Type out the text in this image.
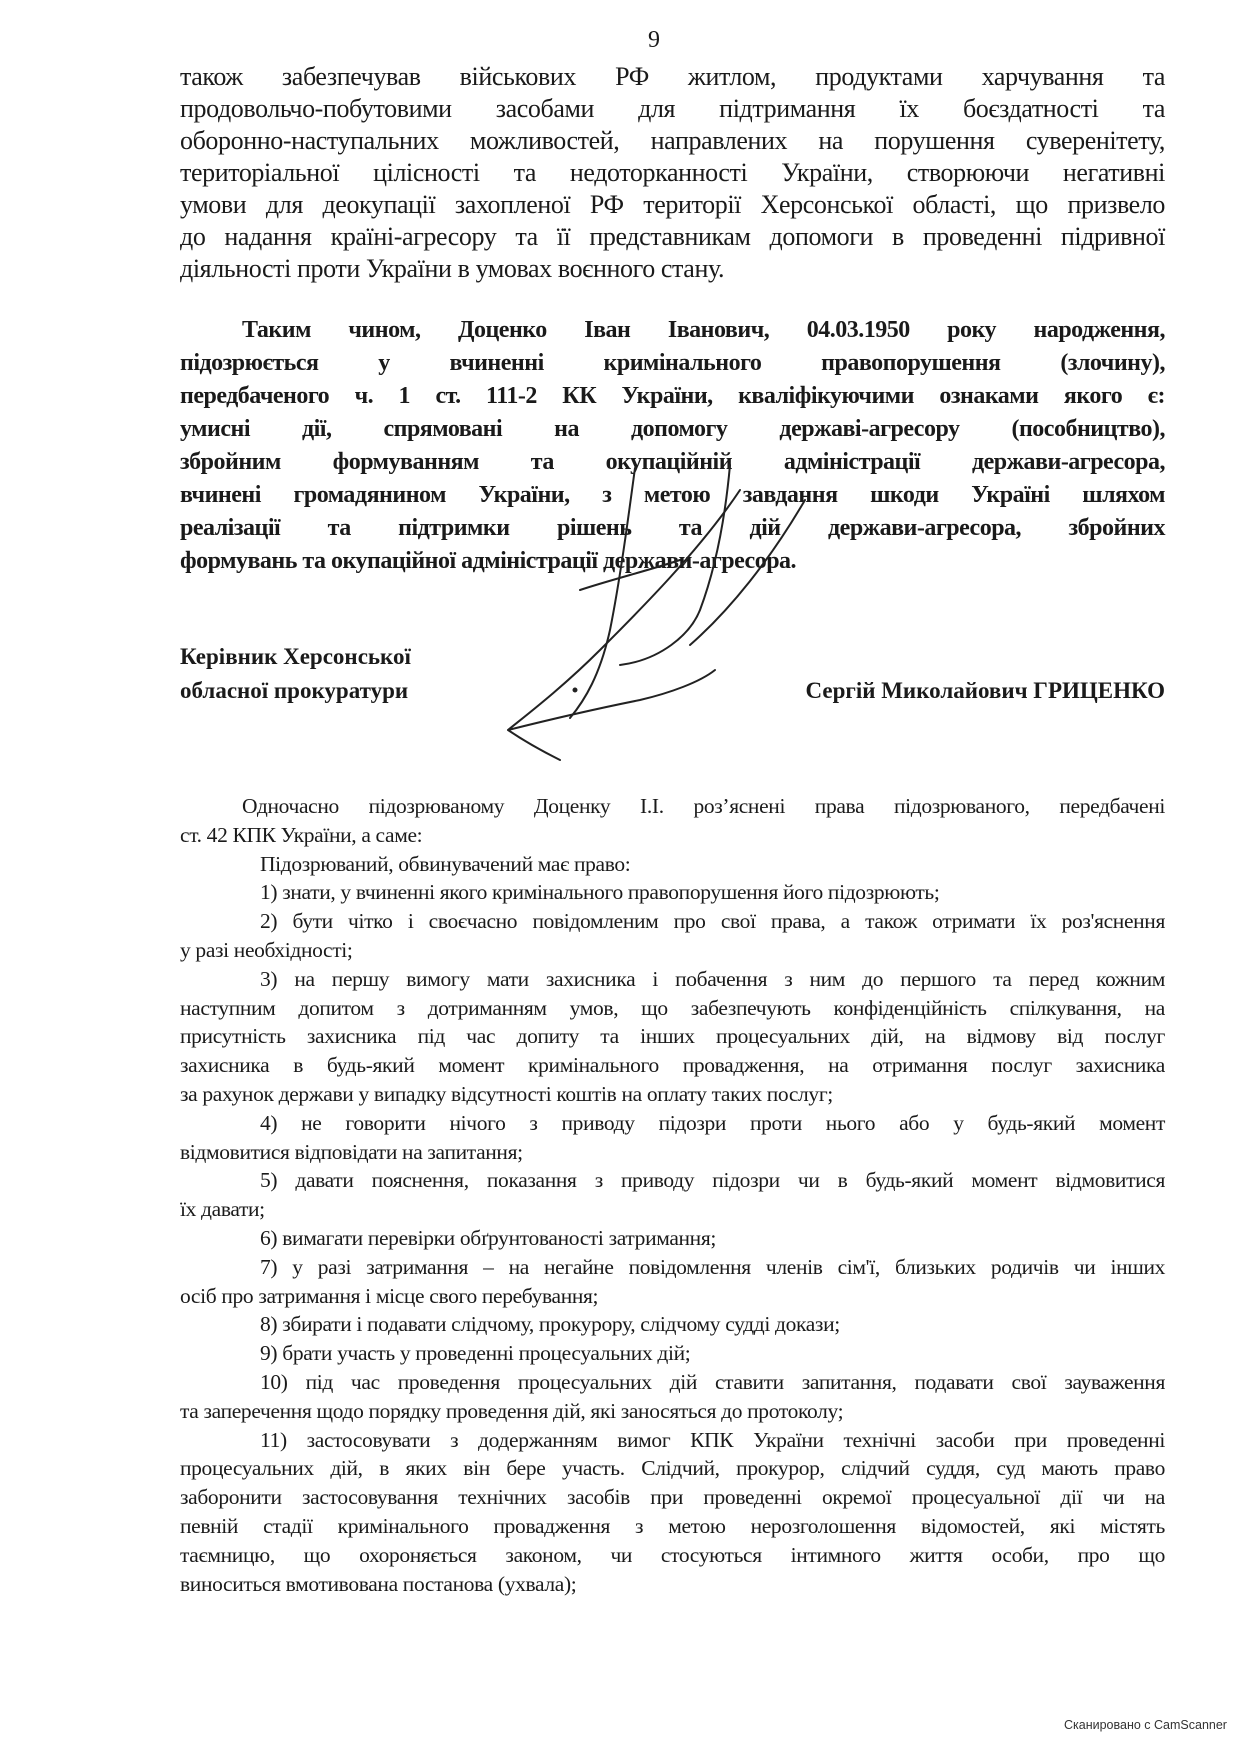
9
також забезпечував військових РФ житлом, продуктами харчування та
продовольчо-побутовими засобами для підтримання їх боєздатності та
оборонно-наступальних можливостей, направлених на порушення суверенітету,
територіальної цілісності та недоторканності України, створюючи негативні
умови для деокупації захопленої РФ території Херсонської області, що призвело
до надання країні-агресору та її представникам допомоги в проведенні підривної
діяльності проти України в умовах воєнного стану.
Таким чином, Доценко Іван Іванович, 04.03.1950 року народження,
підозрюється у вчиненні кримінального правопорушення (злочину),
передбаченого ч. 1 ст. 111-2 КК України, кваліфікуючими ознаками якого є:
умисні дії, спрямовані на допомогу державі-агресору (пособництво),
збройним формуванням та окупаційній адміністрації держави-агресора,
вчинені громадянином України, з метою завдання шкоди Україні шляхом
реалізації та підтримки рішень та дій держави-агресора, збройних
формувань та окупаційної адміністрації держави-агресора.
Керівник Херсонської
обласної прокуратури	Сергій Миколайович ГРИЦЕНКО
Одночасно підозрюваному Доценку І.І. роз’яснені права підозрюваного, передбачені
ст. 42 КПК України, а саме:
Підозрюваний, обвинувачений має право:
1) знати, у вчиненні якого кримінального правопорушення його підозрюють;
2) бути чітко і своєчасно повідомленим про свої права, а також отримати їх роз'яснення
у разі необхідності;
3) на першу вимогу мати захисника і побачення з ним до першого та перед кожним
наступним допитом з дотриманням умов, що забезпечують конфіденційність спілкування, на
присутність захисника під час допиту та інших процесуальних дій, на відмову від послуг
захисника в будь-який момент кримінального провадження, на отримання послуг захисника
за рахунок держави у випадку відсутності коштів на оплату таких послуг;
4) не говорити нічого з приводу підозри проти нього або у будь-який момент
відмовитися відповідати на запитання;
5) давати пояснення, показання з приводу підозри чи в будь-який момент відмовитися
їх давати;
6) вимагати перевірки обґрунтованості затримання;
7) у разі затримання – на негайне повідомлення членів сім'ї, близьких родичів чи інших
осіб про затримання і місце свого перебування;
8) збирати і подавати слідчому, прокурору, слідчому судді докази;
9) брати участь у проведенні процесуальних дій;
10) під час проведення процесуальних дій ставити запитання, подавати свої зауваження
та заперечення щодо порядку проведення дій, які заносяться до протоколу;
11) застосовувати з додержанням вимог КПК України технічні засоби при проведенні
процесуальних дій, в яких він бере участь. Слідчий, прокурор, слідчий суддя, суд мають право
заборонити застосовування технічних засобів при проведенні окремої процесуальної дії чи на
певній стадії кримінального провадження з метою нерозголошення відомостей, які містять
таємницю, що охороняється законом, чи стосуються інтимного життя особи, про що
виноситься вмотивована постанова (ухвала);
Сканировано с CamScanner
